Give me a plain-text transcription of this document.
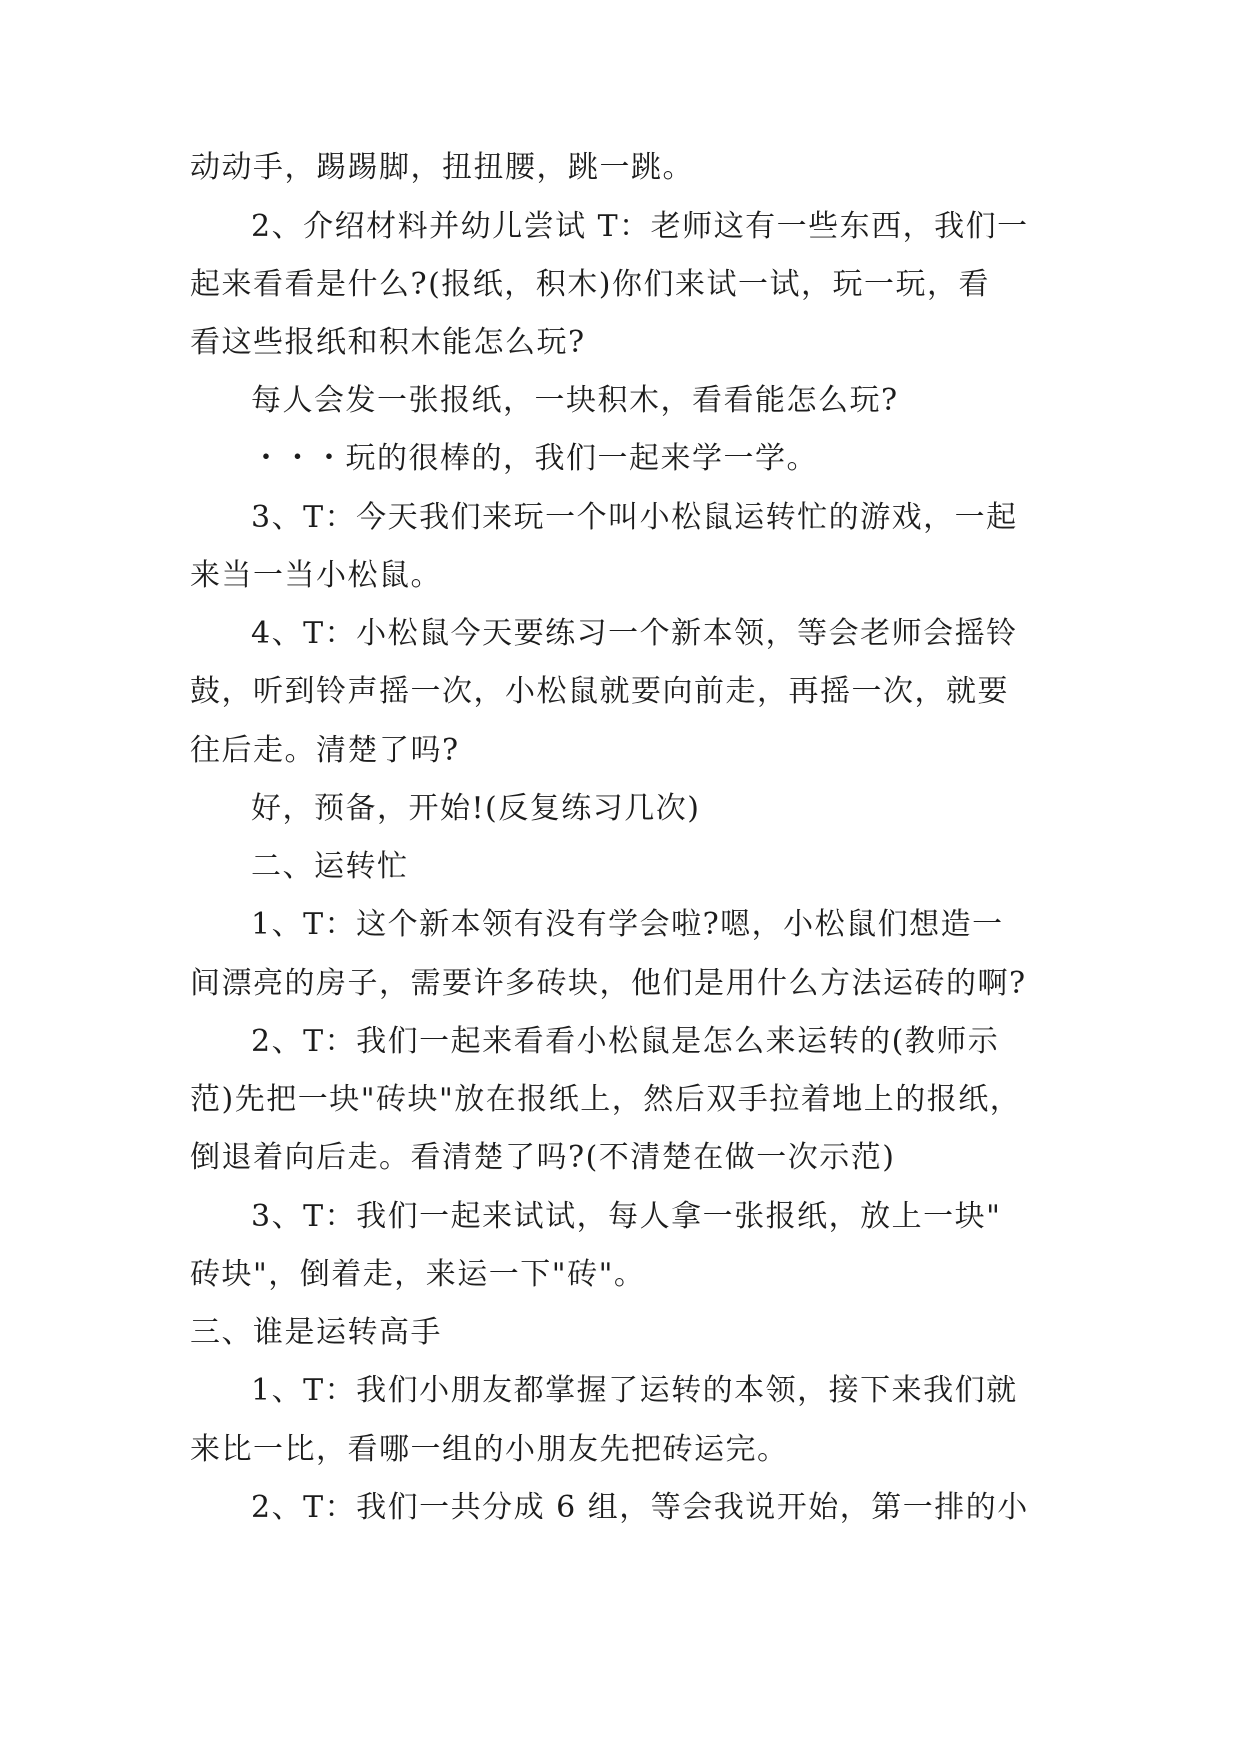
动动手，踢踢脚，扭扭腰，跳一跳。

2、介绍材料并幼儿尝试 T：老师这有一些东西，我们一

起来看看是什么?(报纸，积木)你们来试一试，玩一玩，看

看这些报纸和积木能怎么玩?

每人会发一张报纸，一块积木，看看能怎么玩?

・・・玩的很棒的，我们一起来学一学。

3、T：今天我们来玩一个叫小松鼠运转忙的游戏，一起

来当一当小松鼠。

4、T：小松鼠今天要练习一个新本领，等会老师会摇铃

鼓，听到铃声摇一次，小松鼠就要向前走，再摇一次，就要

往后走。清楚了吗?

好，预备，开始!(反复练习几次)

二、运转忙

1、T：这个新本领有没有学会啦?嗯，小松鼠们想造一

间漂亮的房子，需要许多砖块，他们是用什么方法运砖的啊?

2、T：我们一起来看看小松鼠是怎么来运转的(教师示

范)先把一块"砖块"放在报纸上，然后双手拉着地上的报纸，

倒退着向后走。看清楚了吗?(不清楚在做一次示范)

3、T：我们一起来试试，每人拿一张报纸，放上一块"

砖块"，倒着走，来运一下"砖"。

三、谁是运转高手

1、T：我们小朋友都掌握了运转的本领，接下来我们就

来比一比，看哪一组的小朋友先把砖运完。

2、T：我们一共分成 6 组，等会我说开始，第一排的小
